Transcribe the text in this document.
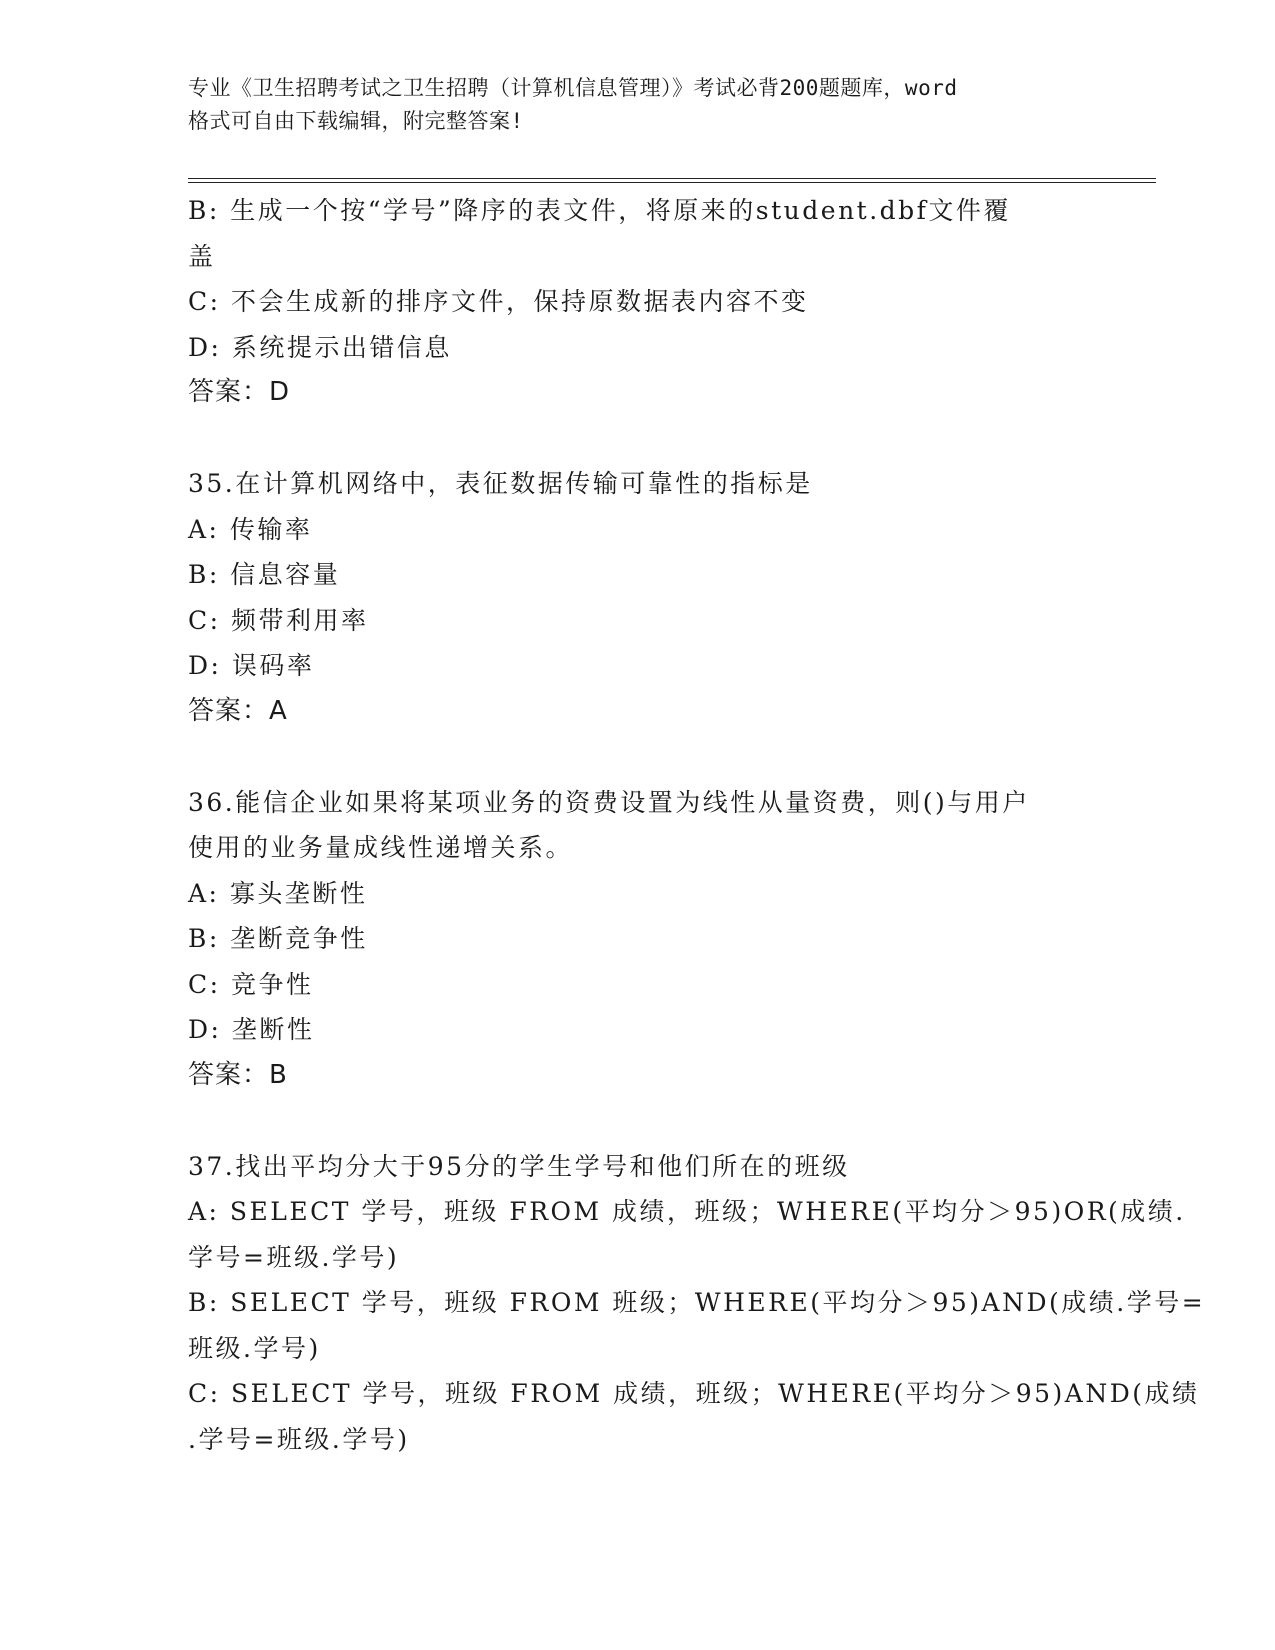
专业《卫生招聘考试之卫生招聘（计算机信息管理）》考试必背200题题库，word
格式可自由下载编辑，附完整答案!
B: 生成一个按“学号”降序的表文件，将原来的student.dbf文件覆
盖
C: 不会生成新的排序文件，保持原数据表内容不变
D: 系统提示出错信息
答案：D
35.在计算机网络中，表征数据传输可靠性的指标是
A: 传输率
B: 信息容量
C: 频带利用率
D: 误码率
答案：A
36.能信企业如果将某项业务的资费设置为线性从量资费，则()与用户
使用的业务量成线性递增关系。
A: 寡头垄断性
B: 垄断竞争性
C: 竞争性
D: 垄断性
答案：B
37.找出平均分大于95分的学生学号和他们所在的班级
A: SELECT 学号，班级 FROM 成绩，班级；WHERE(平均分＞95)OR(成绩.
学号=班级.学号)
B: SELECT 学号，班级 FROM 班级；WHERE(平均分＞95)AND(成绩.学号=
班级.学号)
C: SELECT 学号，班级 FROM 成绩，班级；WHERE(平均分＞95)AND(成绩
.学号=班级.学号)
